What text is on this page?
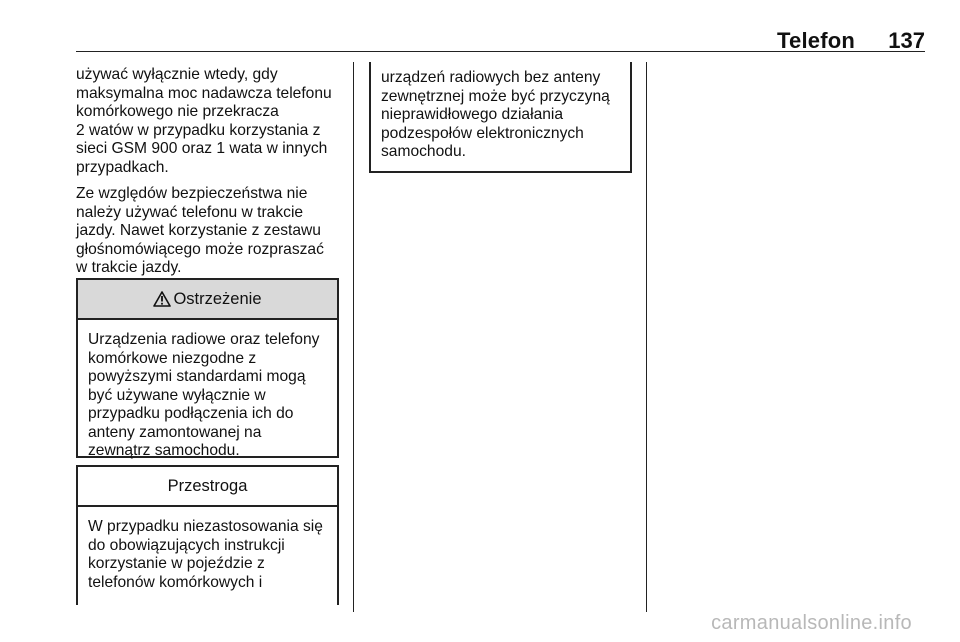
Telefon 137

używać wyłącznie wtedy, gdy
maksymalna moc nadawcza telefonu
komórkowego nie przekracza
2 watów w przypadku korzystania z
sieci GSM 900 oraz 1 wata w innych
przypadkach.

Ze względów bezpieczeństwa nie
należy używać telefonu w trakcie
jazdy. Nawet korzystanie z zestawu
głośnomówiącego może rozpraszać
w trakcie jazdy.

Ostrzeżenie
Urządzenia radiowe oraz telefony
komórkowe niezgodne z
powyższymi standardami mogą
być używane wyłącznie w
przypadku podłączenia ich do
anteny zamontowanej na
zewnątrz samochodu.
Przestroga
W przypadku niezastosowania się
do obowiązujących instrukcji
korzystanie w pojeździe z
telefonów komórkowych i
urządzeń radiowych bez anteny
zewnętrznej może być przyczyną
nieprawidłowego działania
podzespołów elektronicznych
samochodu.
carmanualsonline.info
